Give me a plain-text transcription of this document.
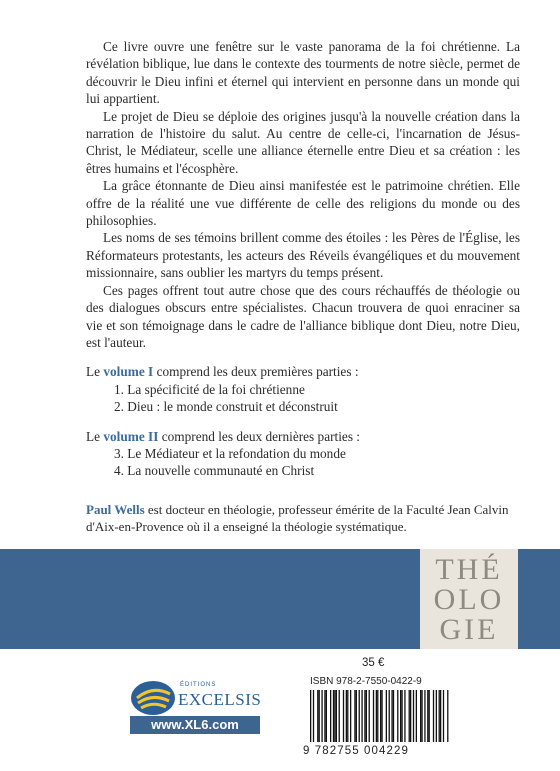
Ce livre ouvre une fenêtre sur le vaste panorama de la foi chrétienne. La révélation biblique, lue dans le contexte des tourments de notre siècle, permet de découvrir le Dieu infini et éternel qui intervient en personne dans un monde qui lui appartient.

Le projet de Dieu se déploie des origines jusqu'à la nouvelle création dans la narration de l'histoire du salut. Au centre de celle-ci, l'incarnation de Jésus-Christ, le Médiateur, scelle une alliance éternelle entre Dieu et sa création : les êtres humains et l'écosphère.

La grâce étonnante de Dieu ainsi manifestée est le patrimoine chrétien. Elle offre de la réalité une vue différente de celle des religions du monde ou des philosophies.

Les noms de ses témoins brillent comme des étoiles : les Pères de l'Église, les Réformateurs protestants, les acteurs des Réveils évangéliques et du mouvement missionnaire, sans oublier les martyrs du temps présent.

Ces pages offrent tout autre chose que des cours réchauffés de théologie ou des dialogues obscurs entre spécialistes. Chacun trouvera de quoi enraciner sa vie et son témoignage dans le cadre de l'alliance biblique dont Dieu, notre Dieu, est l'auteur.

Le volume I comprend les deux premières parties :

1. La spécificité de la foi chrétienne
2. Dieu : le monde construit et déconstruit

Le volume II comprend les deux dernières parties :

3. Le Médiateur et la refondation du monde
4. La nouvelle communauté en Christ
Paul Wells est docteur en théologie, professeur émérite de la Faculté Jean Calvin d'Aix-en-Provence où il a enseigné la théologie systématique.
THÉ
OLO
GIE
ÉDITIONS
EXCELSIS
www.XL6.com
35 €
ISBN 978-2-7550-0422-9
9 782755 004229
